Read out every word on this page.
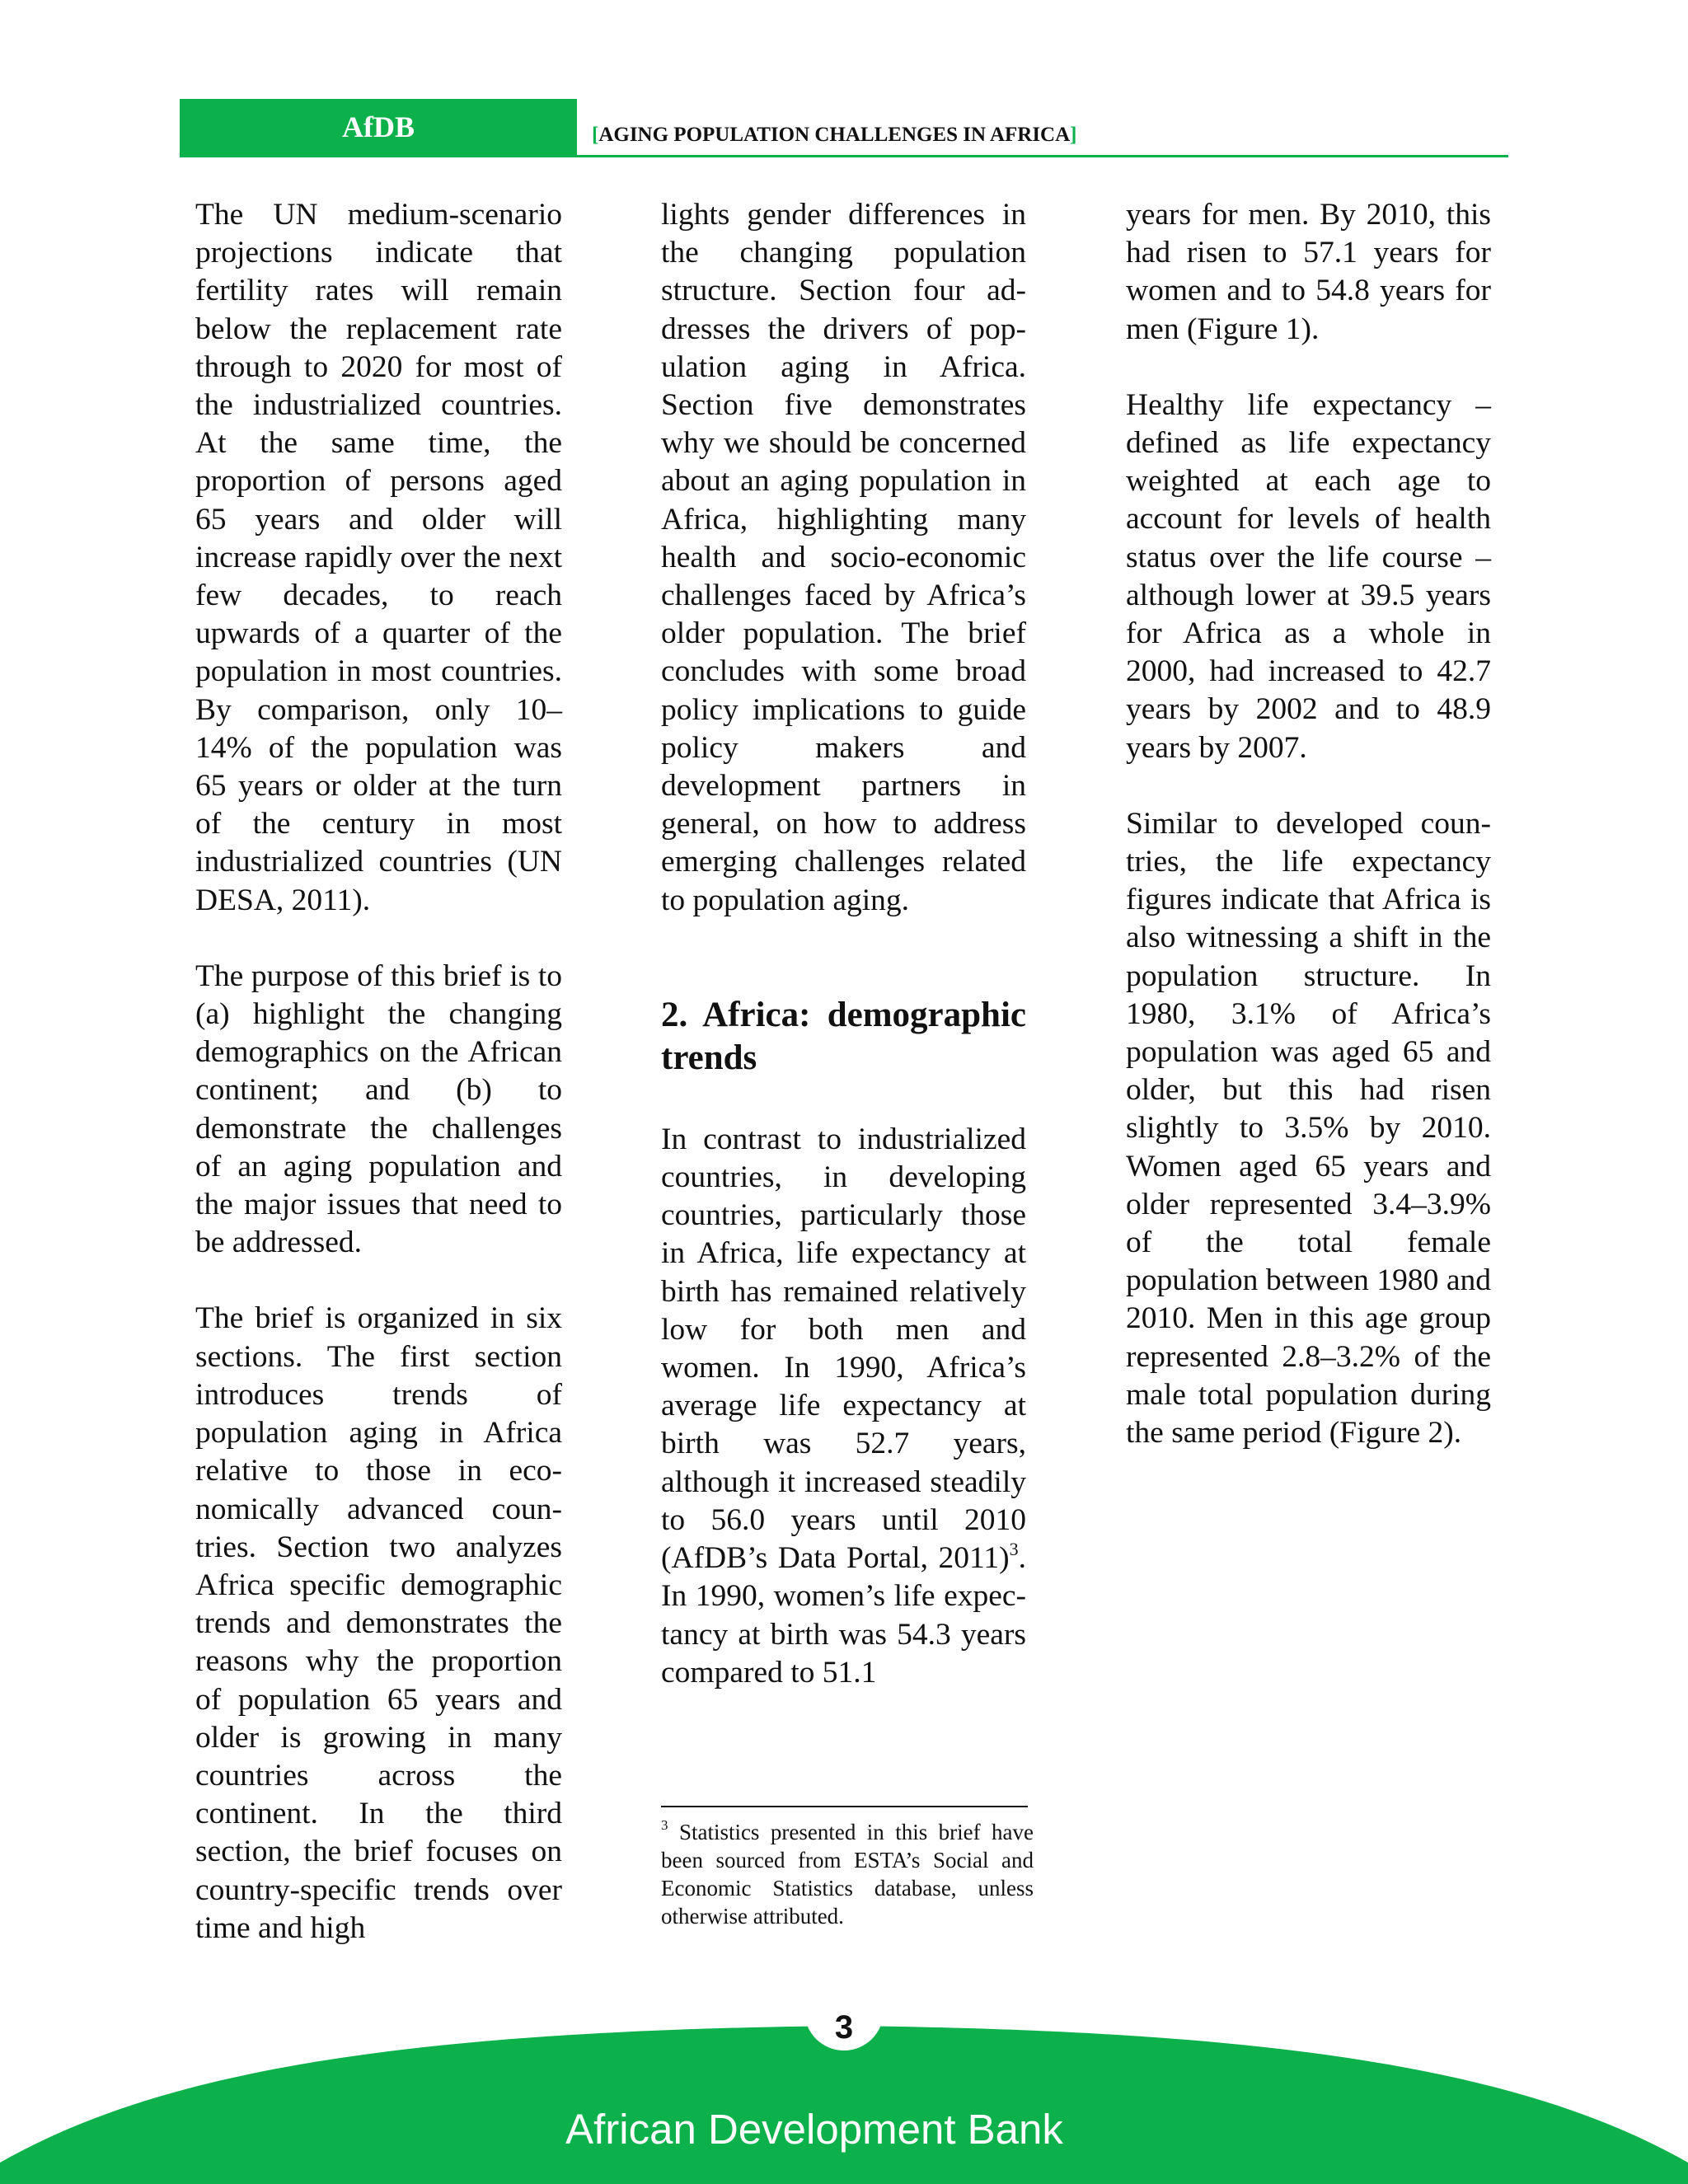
AfDB	[AGING POPULATION CHALLENGES IN AFRICA]

The UN medium-scenario projections indicate that fertility rates will remain below the replacement rate through to 2020 for most of the industrialized countries. At the same time, the proportion of persons aged 65 years and older will increase rapidly over the next few decades, to reach upwards of a quarter of the population in most countries. By comparison, only 10–14% of the population was 65 years or older at the turn of the century in most industrialized countries (UN DESA, 2011).

The purpose of this brief is to (a) highlight the changing demographics on the African continent; and (b) to demonstrate the challenges of an aging population and the major issues that need to be addressed.

The brief is organized in six sections. The first section introduces trends of population aging in Africa relative to those in economically advanced countries. Section two analyzes Africa specific demographic trends and demonstrates the reasons why the proportion of population 65 years and older is growing in many countries across the continent. In the third section, the brief focuses on country-specific trends over time and high

lights gender differences in the changing population structure. Section four addresses the drivers of population aging in Africa. Section five demonstrates why we should be concerned about an aging population in Africa, highlighting many health and socio-economic challenges faced by Africa’s older population. The brief concludes with some broad policy implications to guide policy makers and development partners in general, on how to address emerging challenges related to population aging.

2. Africa: demographic trends

In contrast to industrialized countries, in developing countries, particularly those in Africa, life expectancy at birth has remained relatively low for both men and women. In 1990, Africa’s average life expectancy at birth was 52.7 years, although it increased steadily to 56.0 years until 2010 (AfDB’s Data Portal, 2011)$^3$. In 1990, women’s life expectancy at birth was 54.3 years compared to 51.1

$^3$ Statistics presented in this brief have been sourced from ESTA’s Social and Economic Statistics database, unless otherwise attributed.

years for men. By 2010, this had risen to 57.1 years for women and to 54.8 years for men (Figure 1).

Healthy life expectancy – defined as life expectancy weighted at each age to account for levels of health status over the life course – although lower at 39.5 years for Africa as a whole in 2000, had increased to 42.7 years by 2002 and to 48.9 years by 2007.

Similar to developed countries, the life expectancy figures indicate that Africa is also witnessing a shift in the population structure. In 1980, 3.1% of Africa’s population was aged 65 and older, but this had risen slightly to 3.5% by 2010. Women aged 65 years and older represented 3.4–3.9% of the total female population between 1980 and 2010. Men in this age group represented 2.8–3.2% of the male total population during the same period (Figure 2).

3
African Development Bank
